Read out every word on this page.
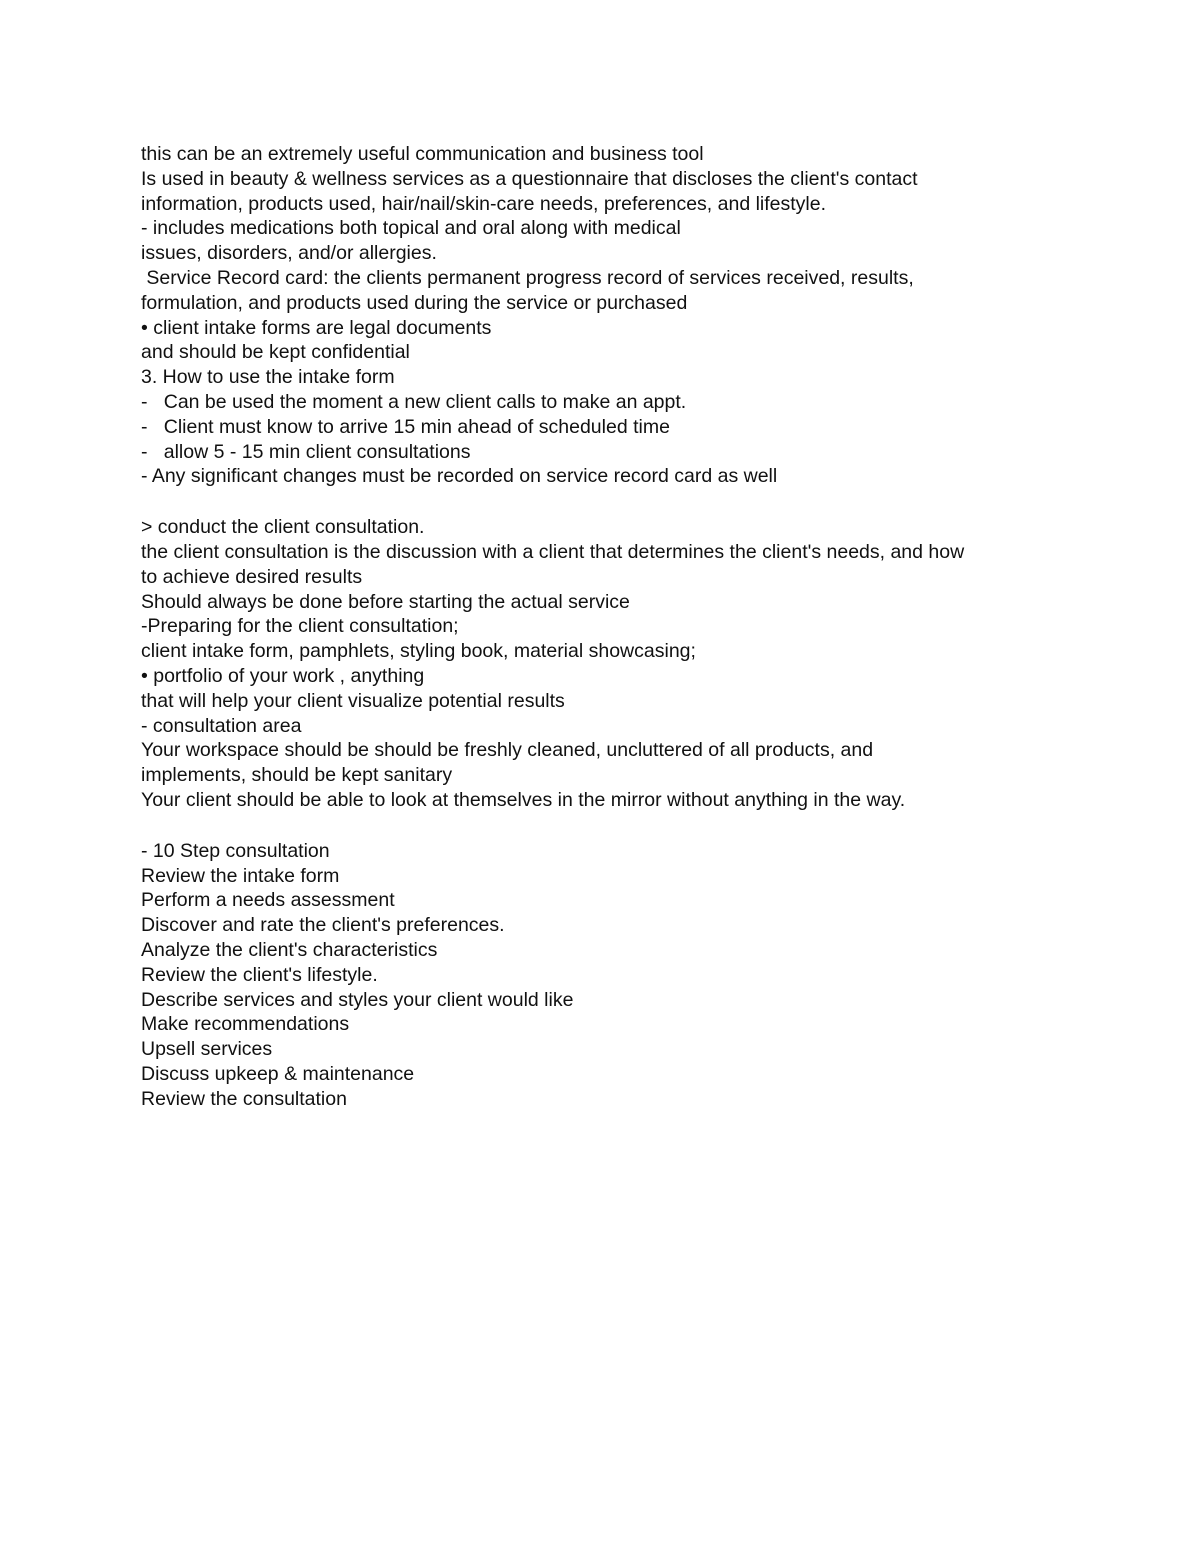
this can be an extremely useful communication and business tool

Is used in beauty & wellness services as a questionnaire that discloses the client's contact

information, products used, hair/nail/skin-care needs, preferences, and lifestyle.

- includes medications both topical and oral along with medical

issues, disorders, and/or allergies.

Service Record card: the clients permanent progress record of services received, results,

formulation, and products used during the service or purchased

• client intake forms are legal documents

and should be kept confidential

3. How to use the intake form

-   Can be used the moment a new client calls to make an appt.

-   Client must know to arrive 15 min ahead of scheduled time

-   allow 5 - 15 min client consultations

- Any significant changes must be recorded on service record card as well

> conduct the client consultation.

the client consultation is the discussion with a client that determines the client's needs, and how

to achieve desired results

Should always be done before starting the actual service

-Preparing for the client consultation;

client intake form, pamphlets, styling book, material showcasing;

• portfolio of your work , anything

that will help your client visualize potential results

- consultation area

Your workspace should be should be freshly cleaned, uncluttered of all products, and

implements, should be kept sanitary

Your client should be able to look at themselves in the mirror without anything in the way.

- 10 Step consultation

Review the intake form

Perform a needs assessment

Discover and rate the client's preferences.

Analyze the client's characteristics

Review the client's lifestyle.

Describe services and styles your client would like

Make recommendations

Upsell services

Discuss upkeep & maintenance

Review the consultation
